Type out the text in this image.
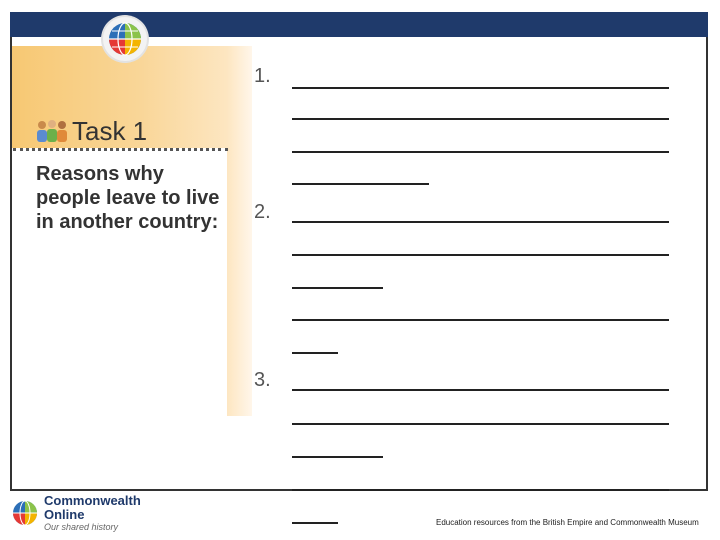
Task 1
Reasons why people leave to live in another country:
1.
2.
3.
Commonwealth Online
Our shared history	Education resources from the British Empire and Commonwealth Museum
